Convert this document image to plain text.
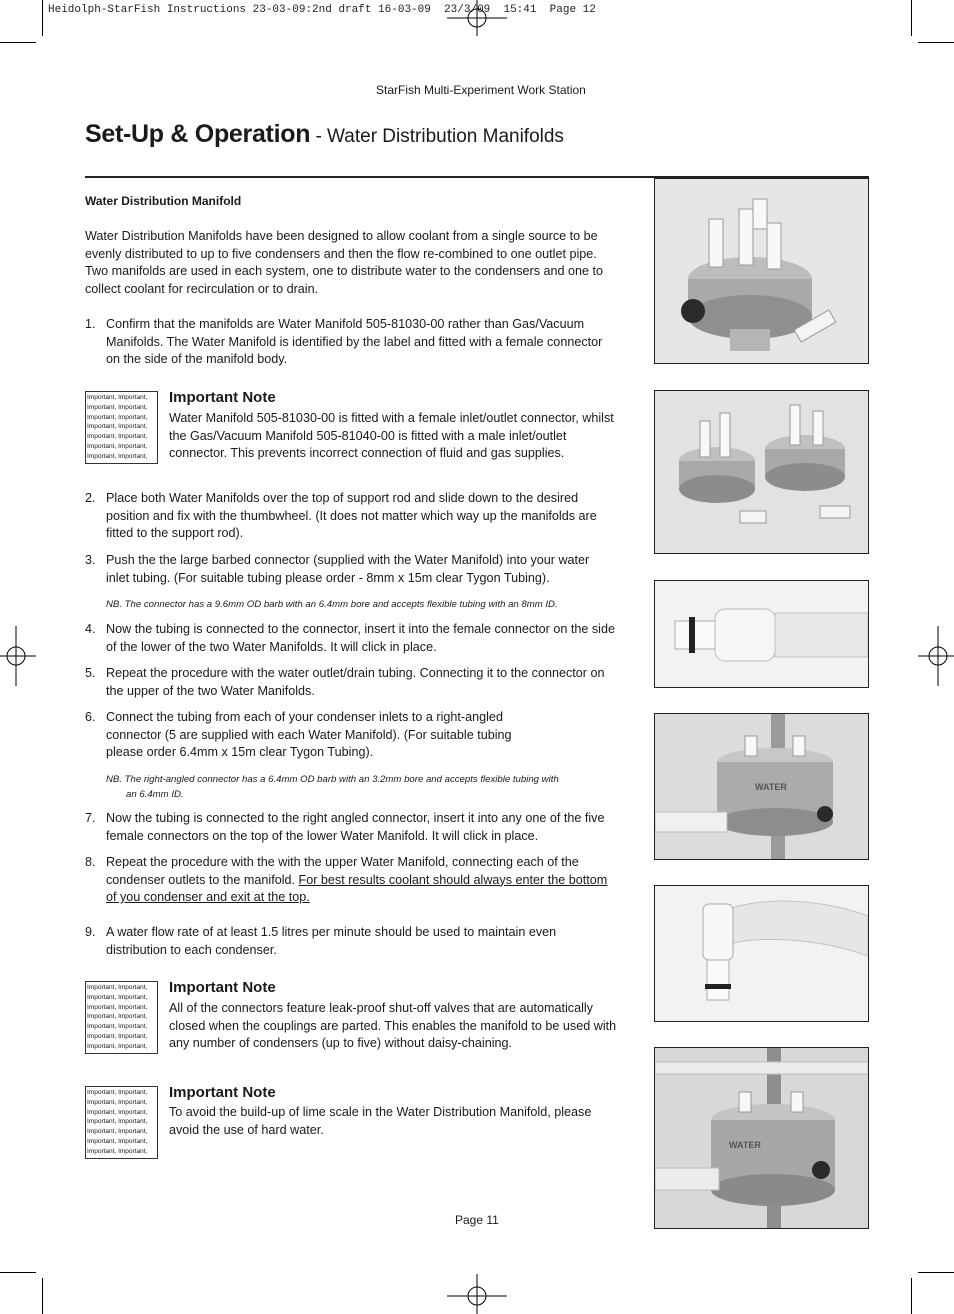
Heidolph-StarFish Instructions 23-03-09:2nd draft 16-03-09  23/3/09  15:41  Page 12
StarFish Multi-Experiment Work Station
Set-Up & Operation - Water Distribution Manifolds
Water Distribution Manifold
Water Distribution Manifolds have been designed to allow coolant from a single source to be evenly distributed to up to five condensers and then the flow re-combined to one outlet pipe. Two manifolds are used in each system, one to distribute water to the condensers and one to collect coolant for recirculation or to drain.
1. Confirm that the manifolds are Water Manifold 505-81030-00 rather than Gas/Vacuum Manifolds. The Water Manifold is identified by the label and fitted with a female connector on the side of the manifold body.
Important, Important,
Important, Important,
Important, Important,
Important, Important,
Important, Important,
Important, Important,
Important, Important,
Important Note
Water Manifold 505-81030-00 is fitted with a female inlet/outlet connector, whilst the Gas/Vacuum Manifold 505-81040-00 is fitted with a male inlet/outlet connector. This prevents incorrect connection of fluid and gas supplies.
2. Place both Water Manifolds over the top of support rod and slide down to the desired position and fix with the thumbwheel. (It does not matter which way up the manifolds are fitted to the support rod).
3. Push the the large barbed connector (supplied with the Water Manifold) into your water inlet tubing. (For suitable tubing please order - 8mm x 15m clear Tygon Tubing).
NB. The connector has a 9.6mm OD barb with an 6.4mm bore and accepts flexible tubing with an 8mm ID.
4. Now the tubing is connected to the connector, insert it into the female connector on the side of the lower of the two Water Manifolds. It will click in place.
5. Repeat the procedure with the water outlet/drain tubing. Connecting it to the connector on the upper of the two Water Manifolds.
6. Connect the tubing from each of your condenser inlets to a right-angled connector (5 are supplied with each Water Manifold). (For suitable tubing please order 6.4mm x 15m clear Tygon Tubing).
NB. The right-angled connector has a 6.4mm OD barb with an 3.2mm bore and accepts flexible tubing with
an 6.4mm ID.
7. Now the tubing is connected to the right angled connector, insert it into any one of the five female connectors on the top of the lower Water Manifold. It will click in place.
8. Repeat the procedure with the with the upper Water Manifold, connecting each of the condenser outlets to the manifold. For best results coolant should always enter the bottom of you condenser and exit at the top.
9. A water flow rate of at least 1.5 litres per minute should be used to maintain even distribution to each condenser.
Important, Important,
Important, Important,
Important, Important,
Important, Important,
Important, Important,
Important, Important,
Important, Important,
Important Note
All of the connectors feature leak-proof shut-off valves that are automatically closed when the couplings are parted. This enables the manifold to be used with any number of condensers (up to five) without daisy-chaining.
Important, Important,
Important, Important,
Important, Important,
Important, Important,
Important, Important,
Important, Important,
Important, Important,
Important Note
To avoid the build-up of lime scale in the Water Distribution Manifold, please avoid the use of hard water.
WATER
WATER
Page 11
